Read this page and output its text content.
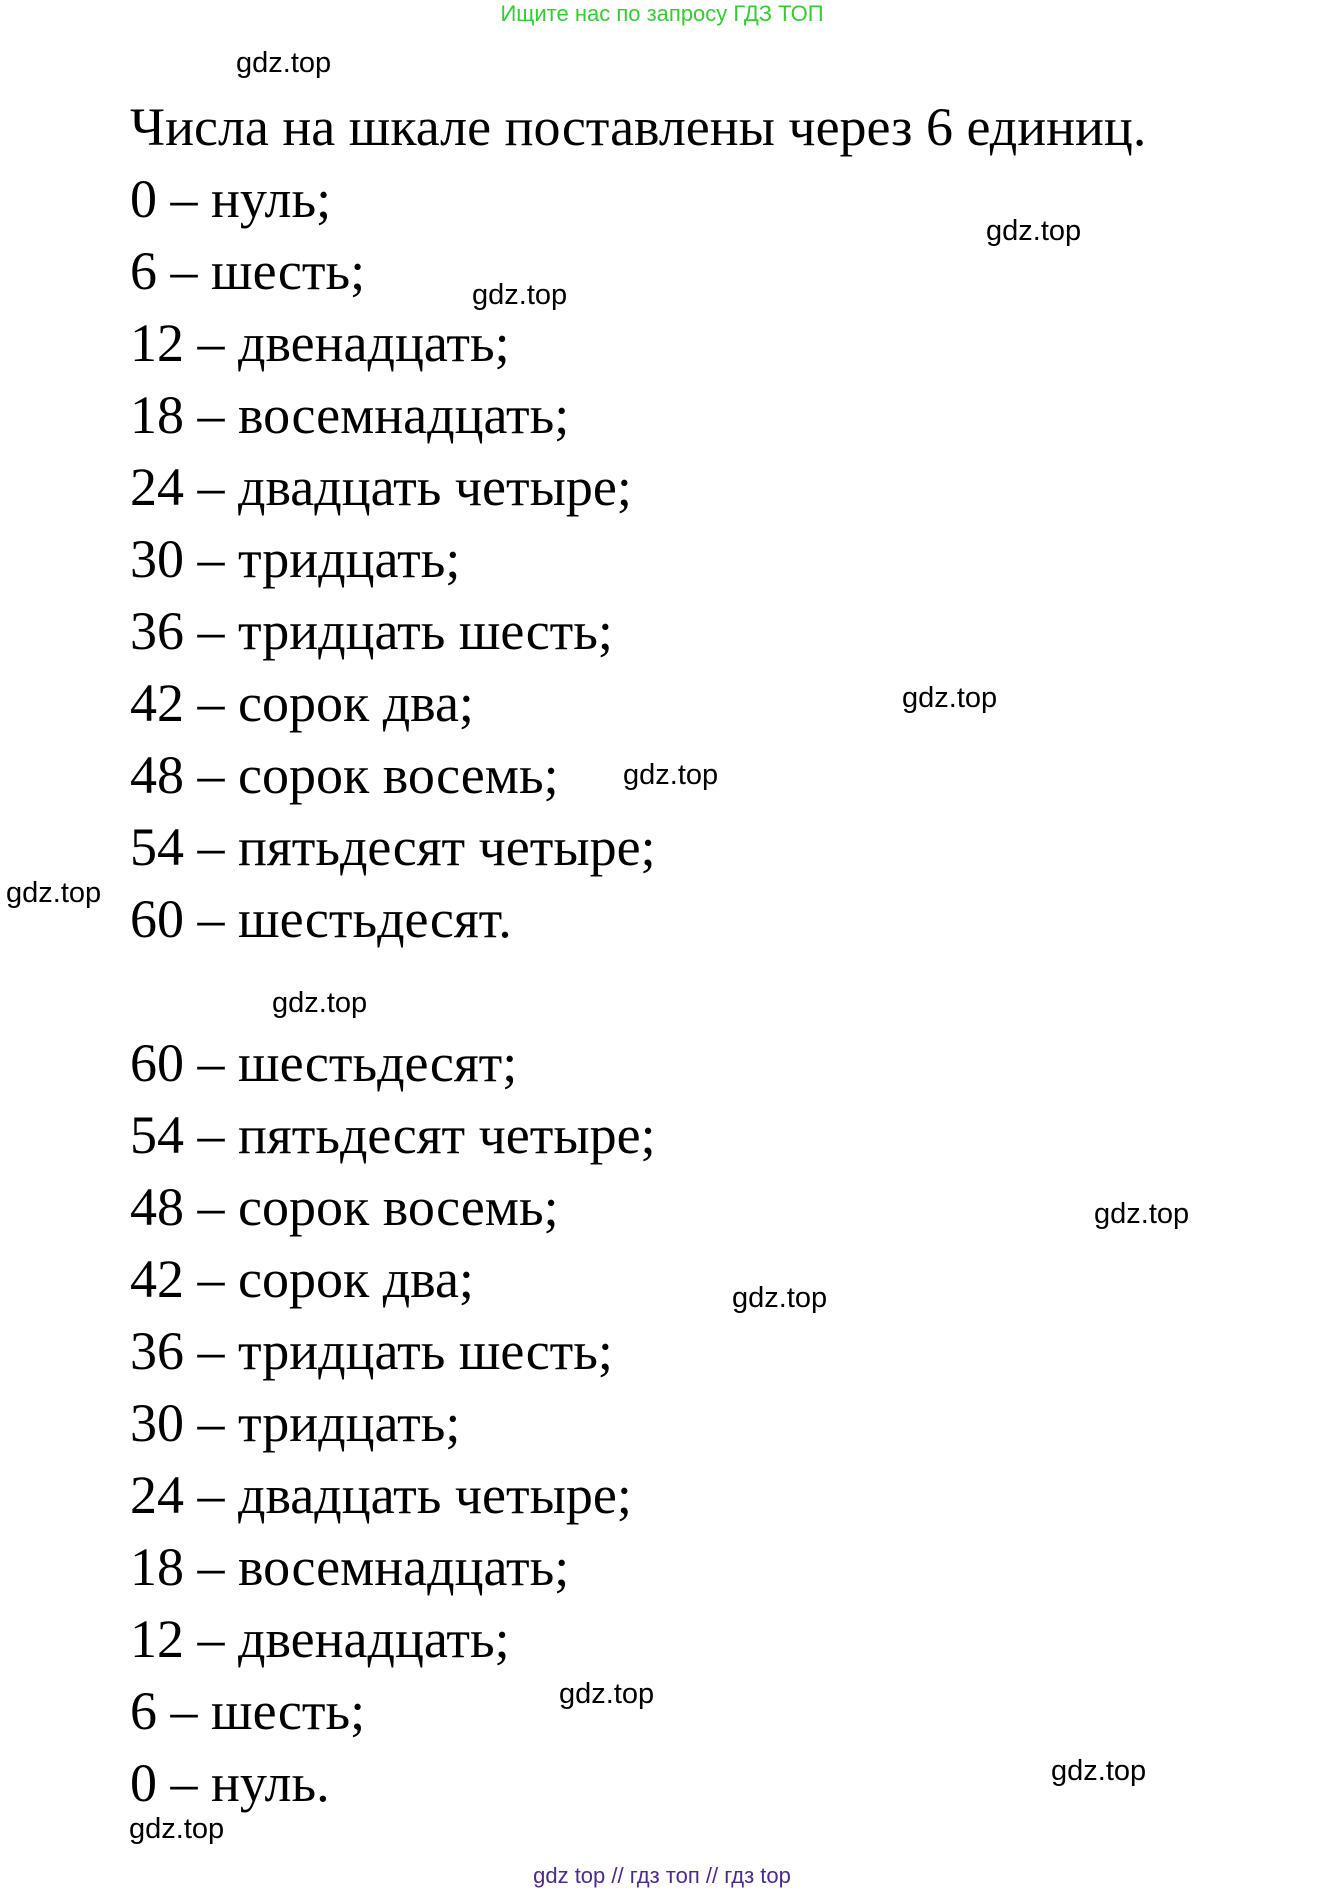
Ищите нас по запросу ГДЗ ТОП
Числа на шкале поставлены через 6 единиц.
0 – нуль;
6 – шесть;
12 – двенадцать;
18 – восемнадцать;
24 – двадцать четыре;
30 – тридцать;
36 – тридцать шесть;
42 – сорок два;
48 – сорок восемь;
54 – пятьдесят четыре;
60 – шестьдесят.
60 – шестьдесят;
54 – пятьдесят четыре;
48 – сорок восемь;
42 – сорок два;
36 – тридцать шесть;
30 – тридцать;
24 – двадцать четыре;
18 – восемнадцать;
12 – двенадцать;
6 – шесть;
0 – нуль.
gdz.top
gdz.top
gdz.top
gdz.top
gdz.top
gdz.top
gdz.top
gdz.top
gdz.top
gdz.top
gdz.top
gdz.top
gdz top // гдз топ // гдз top
